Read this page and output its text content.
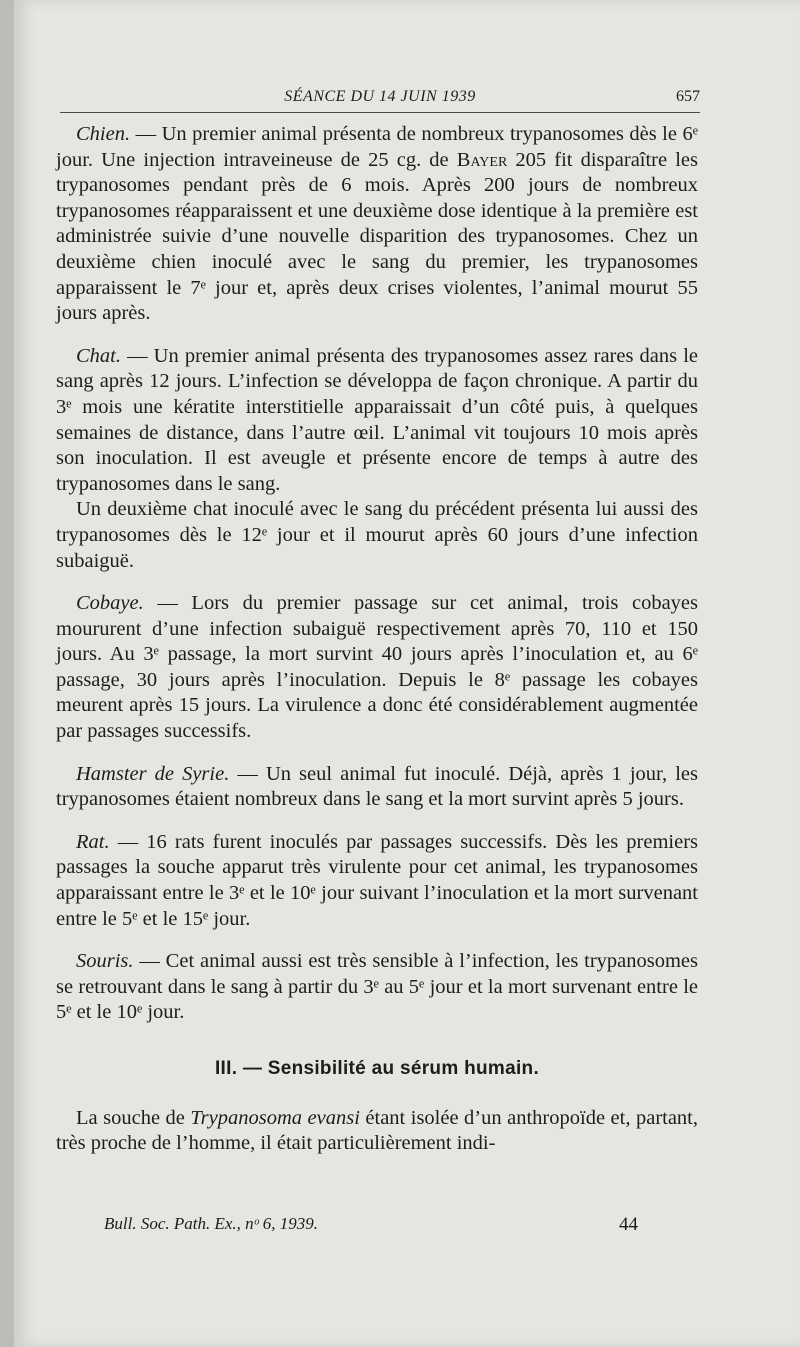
SÉANCE DU 14 JUIN 1939	657

Chien. — Un premier animal présenta de nombreux trypanosomes dès le 6ᵉ jour. Une injection intraveineuse de 25 cg. de Bayer 205 fit disparaître les trypanosomes pendant près de 6 mois. Après 200 jours de nombreux trypanosomes réapparaissent et une deuxième dose identique à la première est administrée suivie d’une nouvelle disparition des trypanosomes. Chez un deuxième chien inoculé avec le sang du premier, les trypanosomes apparaissent le 7ᵉ jour et, après deux crises violentes, l’animal mourut 55 jours après.

Chat. — Un premier animal présenta des trypanosomes assez rares dans le sang après 12 jours. L’infection se développa de façon chronique. A partir du 3ᵉ mois une kératite interstitielle apparaissait d’un côté puis, à quelques semaines de distance, dans l’autre œil. L’animal vit toujours 10 mois après son inoculation. Il est aveugle et présente encore de temps à autre des trypanosomes dans le sang.

Un deuxième chat inoculé avec le sang du précédent présenta lui aussi des trypanosomes dès le 12ᵉ jour et il mourut après 60 jours d’une infection subaiguë.

Cobaye. — Lors du premier passage sur cet animal, trois cobayes moururent d’une infection subaiguë respectivement après 70, 110 et 150 jours. Au 3ᵉ passage, la mort survint 40 jours après l’inoculation et, au 6ᵉ passage, 30 jours après l’inoculation. Depuis le 8ᵉ passage les cobayes meurent après 15 jours. La virulence a donc été considérablement augmentée par passages successifs.

Hamster de Syrie. — Un seul animal fut inoculé. Déjà, après 1 jour, les trypanosomes étaient nombreux dans le sang et la mort survint après 5 jours.

Rat. — 16 rats furent inoculés par passages successifs. Dès les premiers passages la souche apparut très virulente pour cet animal, les trypanosomes apparaissant entre le 3ᵉ et le 10ᵉ jour suivant l’inoculation et la mort survenant entre le 5ᵉ et le 15ᵉ jour.

Souris. — Cet animal aussi est très sensible à l’infection, les trypanosomes se retrouvant dans le sang à partir du 3ᵉ au 5ᵉ jour et la mort survenant entre le 5ᵉ et le 10ᵉ jour.

III. — Sensibilité au sérum humain.

La souche de Trypanosoma evansi étant isolée d’un anthropoïde et, partant, très proche de l’homme, il était particulièrement indi-

Bull. Soc. Path. Ex., nᵒ 6, 1939.	44
